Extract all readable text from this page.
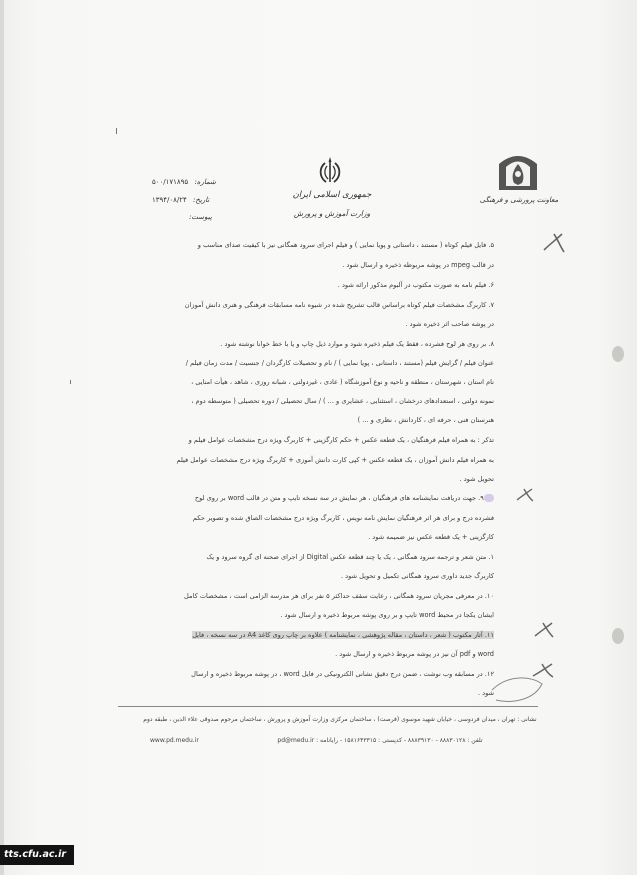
معاونت پرورشی و فرهنگی
جمهوری اسلامی ایران
وزارت آموزش و پرورش
شماره: ۵۰۰/۱۷۱۸۹۵
تاریخ: ۱۳۹۴/۰۸/۲۴
پیوست:
۵. فایل فیلم کوتاه ( مستند ، داستانی و پویا نمایی ) و فیلم اجرای سرود همگانی نیز با کیفیت صدای مناسب و
در قالب mpeg در پوشه مربوطه ذخیره و ارسال شود .
۶. فیلم نامه به صورت مکتوب در آلبوم مذکور ارائه شود .
۷. کاربرگ مشخصات فیلم کوتاه براساس قالب تشریح شده در شیوه نامه مسابقات فرهنگی و هنری دانش آموزان
در پوشه صاحب اثر ذخیره شود .
۸. بر روی هر لوح فشرده ، فقط یک فیلم ذخیره شود و موارد ذیل چاپ و یا با خط خوانا نوشته شود .
عنوان فیلم / گرایش فیلم (مستند ، داستانی ، پویا نمایی ) / نام و تحصیلات کارگردان / جنسیت / مدت زمان فیلم /
نام استان ، شهرستان ، منطقه و ناحیه و نوع آموزشگاه ( عادی ، غیردولتی ، شبانه روزی ، شاهد ، هیأت امنایی ،
نمونه دولتی ، استعدادهای درخشان ، استثنایی ، عشایری و ... ) / سال تحصیلی / دوره تحصیلی ( متوسطه دوم ،
هنرستان فنی ، حرفه ای ، کاردانش ، نظری و ... )
تذکر : به همراه فیلم فرهنگیان ، یک قطعه عکس + حکم کارگزینی + کاربرگ ویژه درج مشخصات عوامل فیلم و
به همراه فیلم دانش آموزان ، یک قطعه عکس + کپی کارت دانش آموزی + کاربرگ ویژه درج مشخصات عوامل فیلم
تحویل شود .
۹. جهت دریافت نمایشنامه های فرهنگیان ، هر نمایش در سه نسخه تایپ و متن در قالب word بر روی لوح
فشرده درج و برای هر اثر فرهنگیان نمایش نامه نویس ، کاربرگ ویژه درج مشخصات الصاق شده و تصویر حکم
کارگزینی + یک قطعه عکس نیز ضمیمه شود .
۱. متن شعر و ترجمه سرود همگانی ، یک یا چند قطعه عکس Digital از اجرای صحنه ای گروه سرود و یک
کاربرگ جدید داوری سرود همگانی تکمیل و تحویل شود .
۱۰. در معرفی مجریان سرود همگانی ، رعایت سقف حداکثر ۵ نفر برای هر مدرسه الزامی است ، مشخصات کامل
ایشان یکجا در محیط word تایپ و بر روی پوشه مربوط ذخیره و ارسال شود .
۱۱. آثار مکتوب ( شعر ، داستان ، مقاله پژوهشی ، نمایشنامه ) علاوه بر چاپ روی کاغذ A4 در سه نسخه ، فایل
word و pdf آن نیز در پوشه مربوط ذخیره و ارسال شود .
۱۲. در مسابقه وب نوشت ، ضمن درج دقیق نشانی الکترونیکی در فایل word ، در پوشه مربوط ذخیره و ارسال
شود .
نشانی : تهران ، میدان فردوسی ، خیابان شهید موسوی (فرصت) ، ساختمان مرکزی وزارت آموزش و پرورش ، ساختمان مرحوم صدوقی علاء الدین ، طبقه دوم
تلفن : ۸۸۸۳۰۱۲۸ - ۸۸۸۳۹۱۳۰ - کدپستی : ۱۵۸۱۶۴۳۳۱۵ - رایانامه : pd@medu.ir
www.pd.medu.ir
tts.cfu.ac.ir
